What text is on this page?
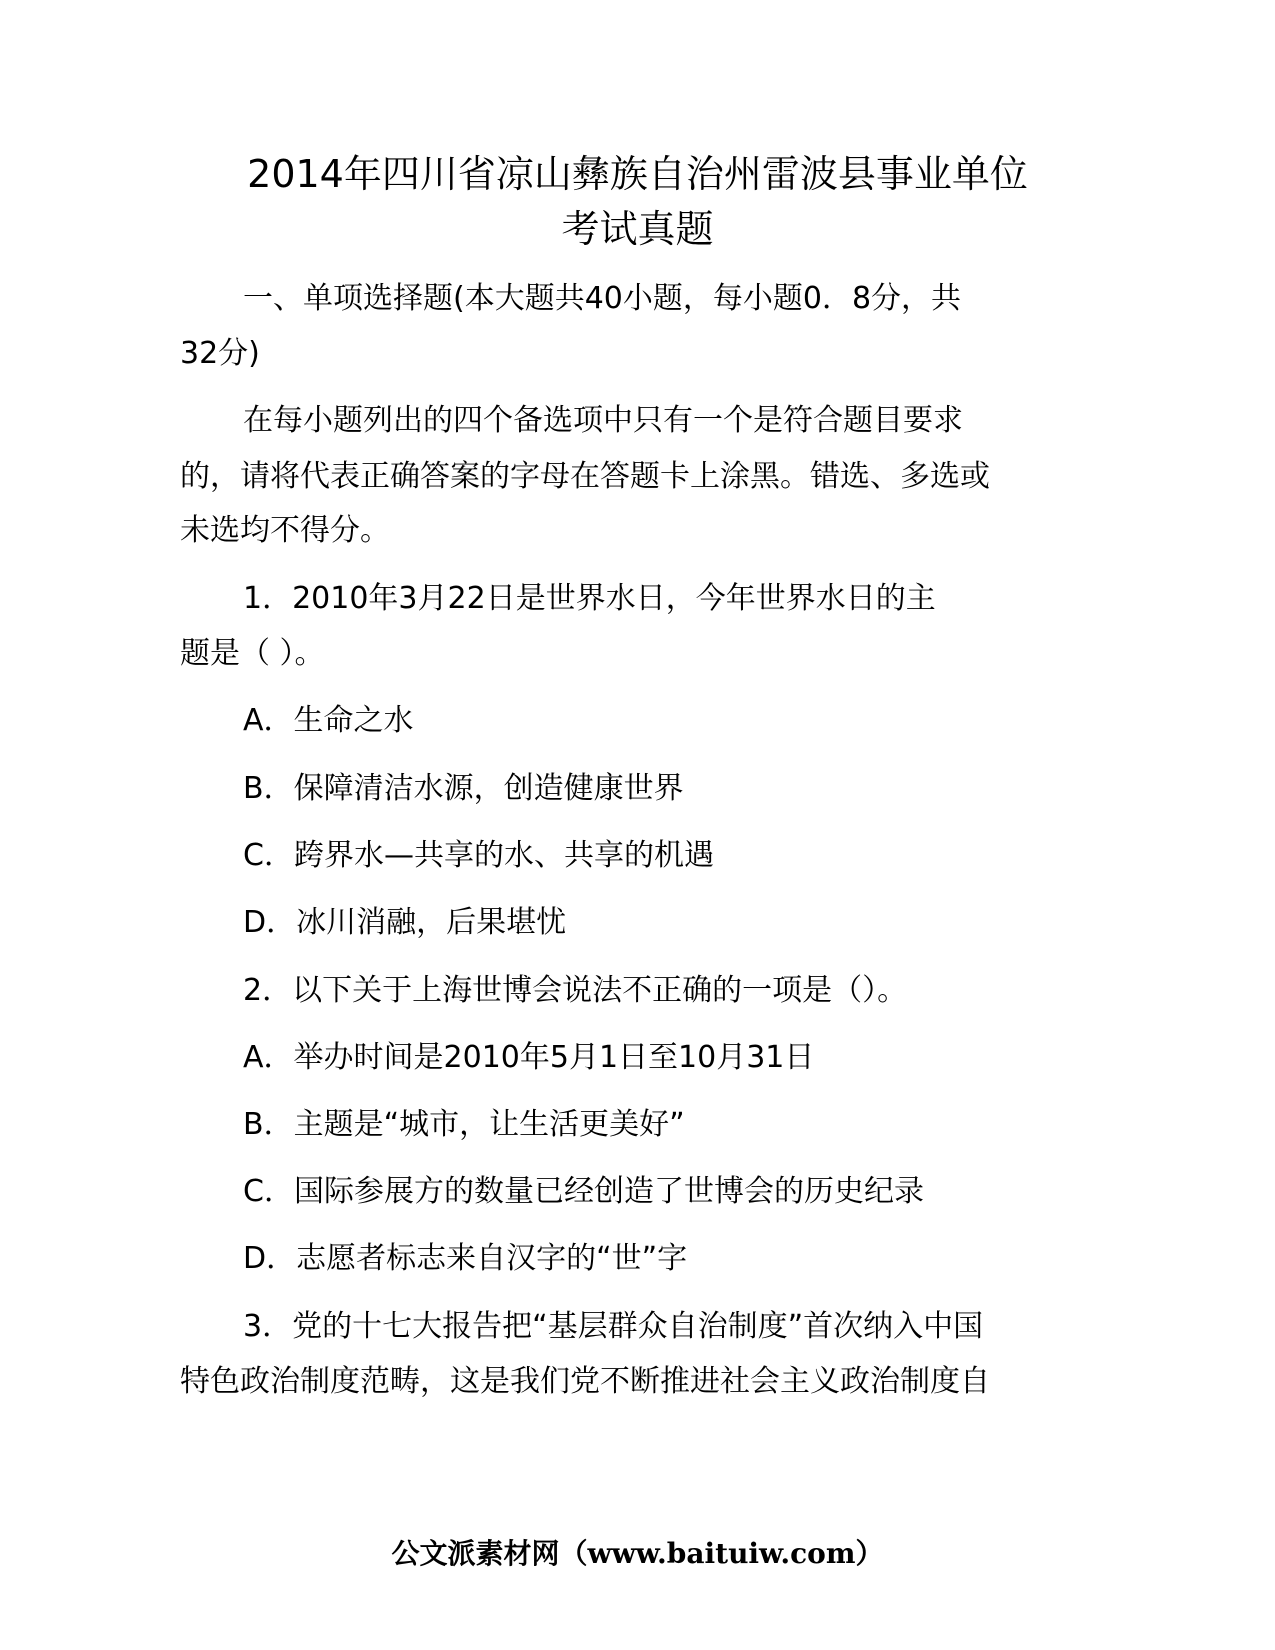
2014年四川省凉山彝族自治州雷波县事业单位
考试真题
一、单项选择题(本大题共40小题，每小题0．8分，共
32分)
在每小题列出的四个备选项中只有一个是符合题目要求
的，请将代表正确答案的字母在答题卡上涂黑。错选、多选或
未选均不得分。
1．2010年3月22日是世界水日，今年世界水日的主
题是（ ）。
A．生命之水
B．保障清洁水源，创造健康世界
C．跨界水—共享的水、共享的机遇
D．冰川消融，后果堪忧
2．以下关于上海世博会说法不正确的一项是（）。
A．举办时间是2010年5月1日至10月31日
B．主题是“城市，让生活更美好”
C．国际参展方的数量已经创造了世博会的历史纪录
D．志愿者标志来自汉字的“世”字
3．党的十七大报告把“基层群众自治制度”首次纳入中国
特色政治制度范畴，这是我们党不断推进社会主义政治制度自
公文派素材网（www.baituiw.com）
